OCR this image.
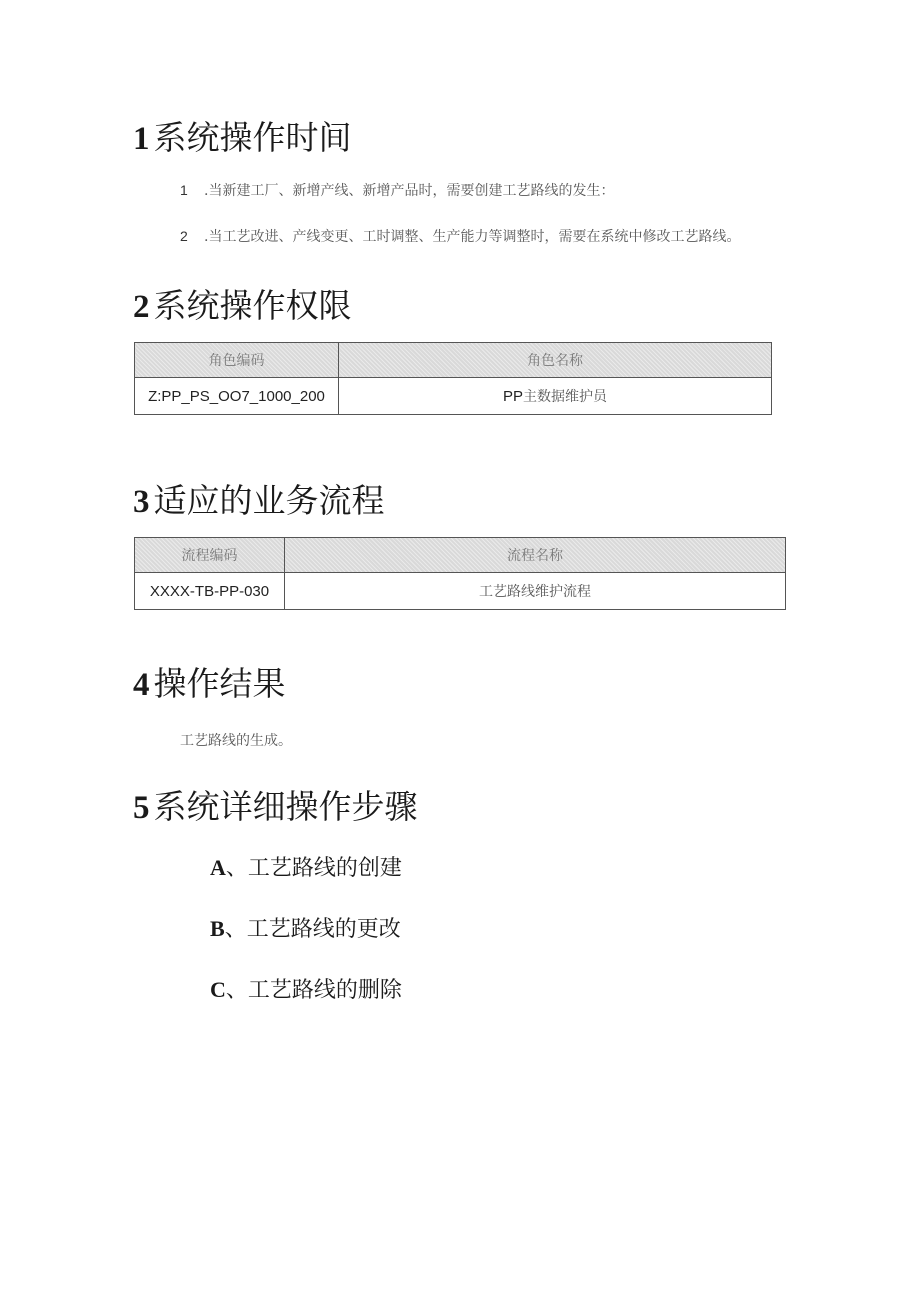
1 系统操作时间
1 .当新建工厂、新增产线、新增产品时，需要创建工艺路线的发生：
2 .当工艺改进、产线变更、工时调整、生产能力等调整时，需要在系统中修改工艺路线。
2 系统操作权限
角色编码	角色名称
Z:PP_PS_OO7_1000_200	PP主数据维护员
3 适应的业务流程
流程编码	流程名称
XXXX-TB-PP-030	工艺路线维护流程
4 操作结果
工艺路线的生成。
5 系统详细操作步骤
A、工艺路线的创建
B、工艺路线的更改
C、工艺路线的删除
